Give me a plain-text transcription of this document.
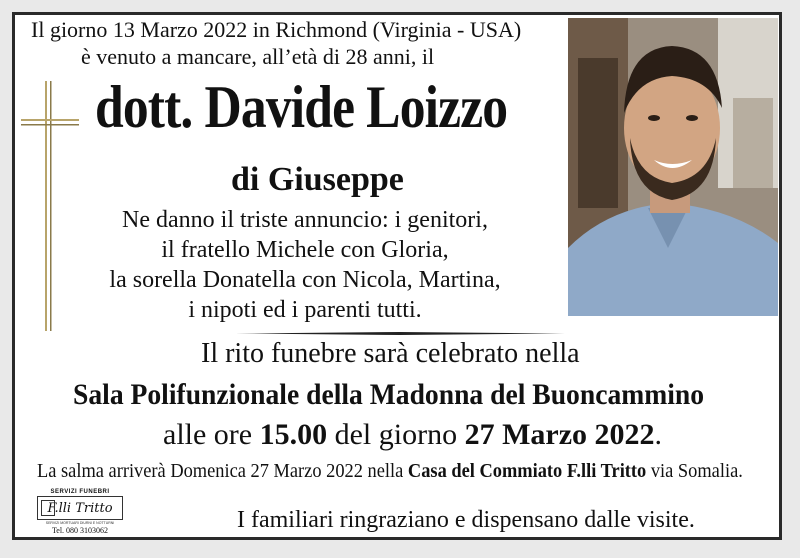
Il giorno 13 Marzo 2022 in Richmond (Virginia - USA)
è venuto a mancare, all’età di 28 anni, il
dott. Davide Loizzo
di Giuseppe
Ne danno il triste annuncio: i genitori,
il fratello Michele con Gloria,
la sorella Donatella con Nicola, Martina,
i nipoti ed i parenti tutti.
Il rito funebre sarà celebrato nella
Sala Polifunzionale della Madonna del Buoncammino
alle ore 15.00 del giorno 27 Marzo 2022.
La salma arriverà Domenica 27 Marzo 2022 nella Casa del Commiato F.lli Tritto via Somalia.
SERVIZI FUNEBRI
F.lli Tritto
SERVIZI MORTUARI DIURNI E NOTTURNI
Tel. 080 3103062	I familiari ringraziano e dispensano dalle visite.
